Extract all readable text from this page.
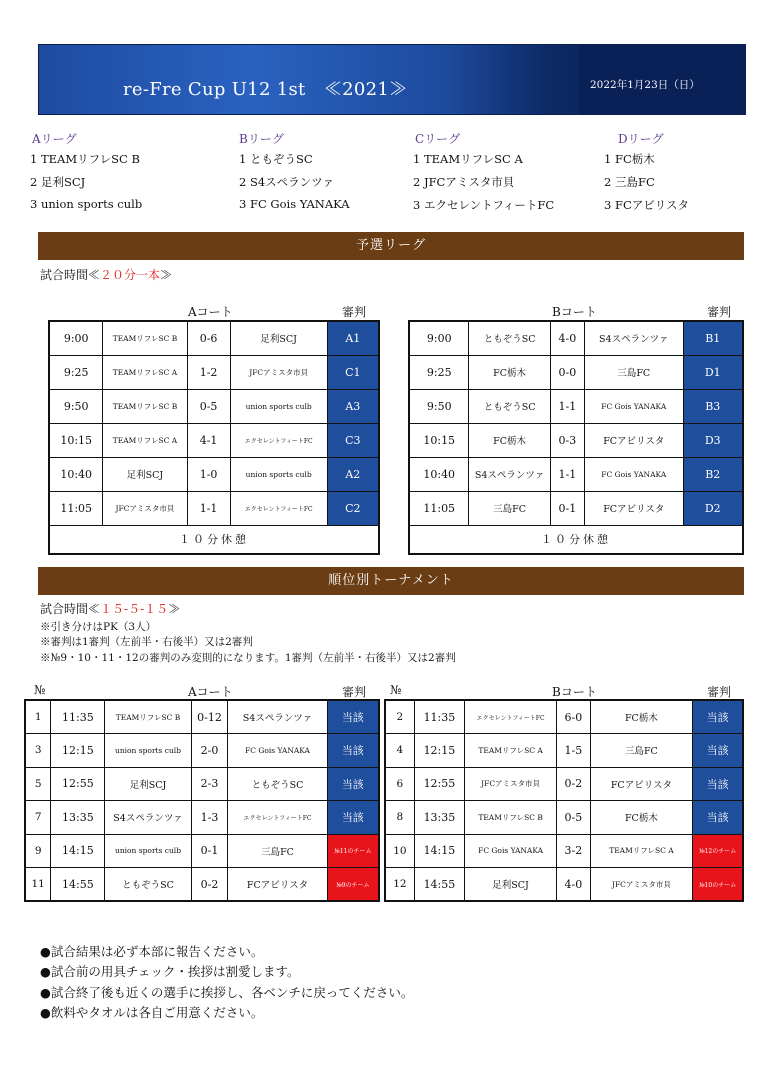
re-Fre Cup U12 1st　≪2021≫	2022年1月23日（日）
Aリーグ
1 TEAMリフレSC B
2 足利SCJ
3 union sports culb
Bリーグ
1 ともぞうSC
2 S4スペランツァ
3 FC Gois YANAKA
Cリーグ
1 TEAMリフレSC A
2 JFCアミスタ市貝
3 エクセレントフィートFC
Dリーグ
1 FC栃木
2 三島FC
3 FCアビリスタ
予選リーグ
試合時間≪２０分一本≫
Aコート	審判	Bコート	審判
9:00	TEAMリフレSC B	0-6	足利SCJ	A1
9:25	TEAMリフレSC A	1-2	JFCアミスタ市貝	C1
9:50	TEAMリフレSC B	0-5	union sports culb	A3
10:15	TEAMリフレSC A	4-1	エクセレントフィートFC	C3
10:40	足利SCJ	1-0	union sports culb	A2
11:05	JFCアミスタ市貝	1-1	エクセレントフィートFC	C2
１０分休憩				
9:00	ともぞうSC	4-0	S4スペランツァ	B1
9:25	FC栃木	0-0	三島FC	D1
9:50	ともぞうSC	1-1	FC Gois YANAKA	B3
10:15	FC栃木	0-3	FCアビリスタ	D3
10:40	S4スペランツァ	1-1	FC Gois YANAKA	B2
11:05	三島FC	0-1	FCアビリスタ	D2
１０分休憩				
順位別トーナメント
試合時間≪１５-５-１５≫
※引き分けはPK（3人）
※審判は1審判（左前半・右後半）又は2審判
※№9・10・11・12の審判のみ変則的になります。1審判（左前半・右後半）又は2審判
№	Aコート	審判 №	Bコート	審判
1	11:35	TEAMリフレSC B	0-12	S4スペランツァ	当該
3	12:15	union sports culb	2-0	FC Gois YANAKA	当該
5	12:55	足利SCJ	2-3	ともぞうSC	当該
7	13:35	S4スペランツァ	1-3	エクセレントフィートFC	当該
9	14:15	union sports culb	0-1	三島FC	№11のチーム
11	14:55	ともぞうSC	0-2	FCアビリスタ	№9のチーム
2	11:35	エクセレントフィートFC	6-0	FC栃木	当該
4	12:15	TEAMリフレSC A	1-5	三島FC	当該
6	12:55	JFCアミスタ市貝	0-2	FCアビリスタ	当該
8	13:35	TEAMリフレSC B	0-5	FC栃木	当該
10	14:15	FC Gois YANAKA	3-2	TEAMリフレSC A	№12のチーム
12	14:55	足利SCJ	4-0	JFCアミスタ市貝	№10のチーム
●試合結果は必ず本部に報告ください。
●試合前の用具チェック・挨拶は割愛します。
●試合終了後も近くの選手に挨拶し、各ベンチに戻ってください。
●飲料やタオルは各自ご用意ください。
